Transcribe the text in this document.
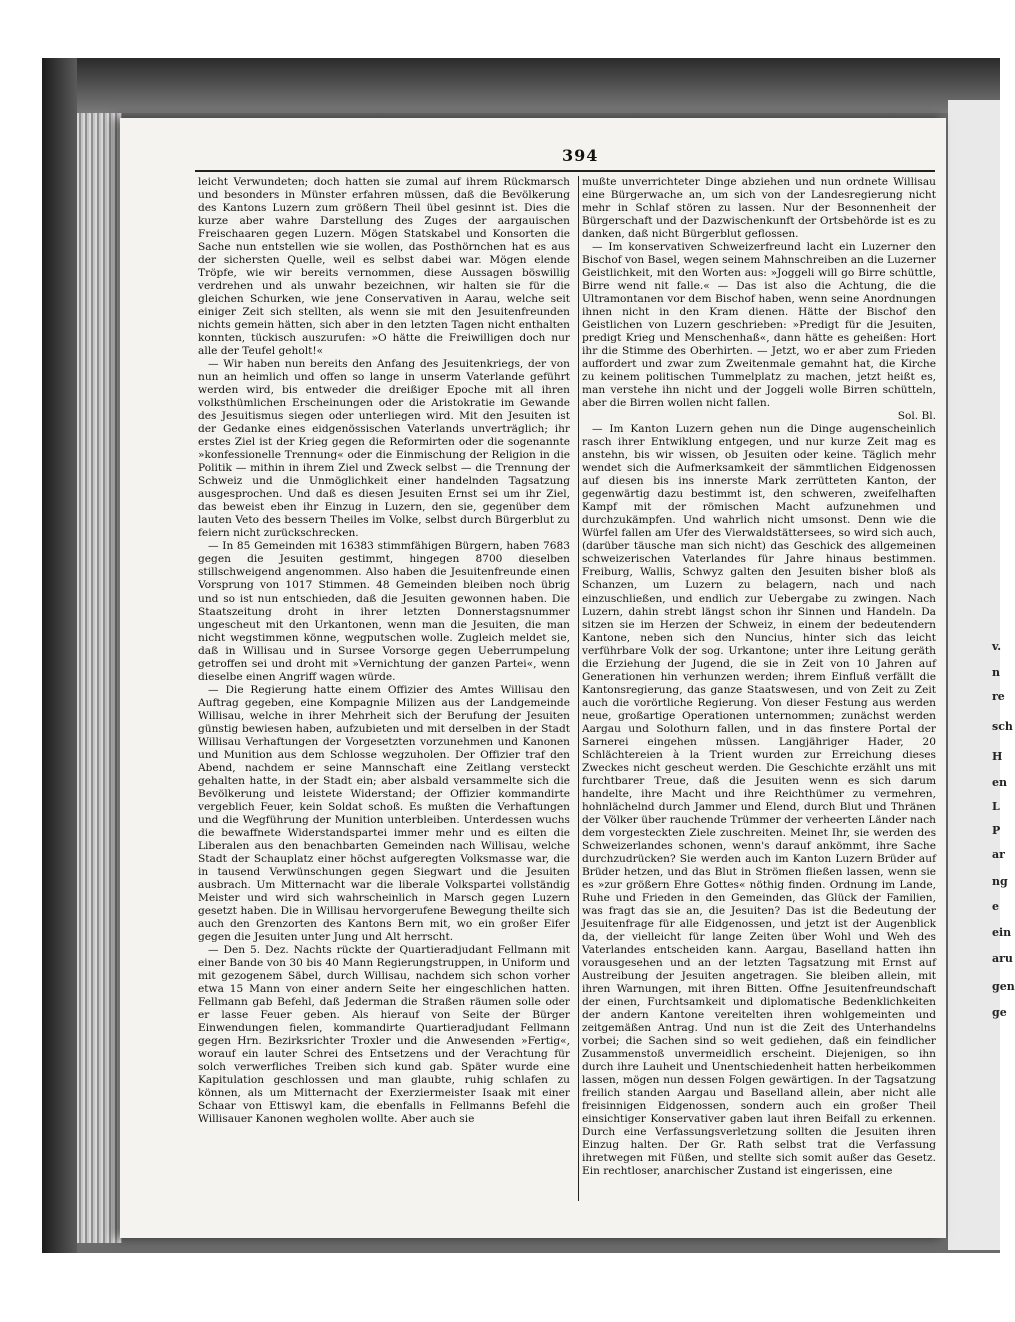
v.
n
re
sch
H
en
L
P
ar
ng
e
ein
aru
gen
ge
394

leicht Verwundeten; doch hatten sie zumal auf ihrem Rückmarsch und besonders in Münster erfahren müssen, daß die Bevölkerung des Kantons Luzern zum größern Theil übel gesinnt ist. Dies die kurze aber wahre Darstellung des Zuges der aargauischen Freischaaren gegen Luzern. Mögen Statskabel und Konsorten die Sache nun entstellen wie sie wollen, das Posthörnchen hat es aus der sichersten Quelle, weil es selbst dabei war. Mögen elende Tröpfe, wie wir bereits vernommen, diese Aussagen böswillig verdrehen und als unwahr bezeichnen, wir halten sie für die gleichen Schurken, wie jene Conservativen in Aarau, welche seit einiger Zeit sich stellten, als wenn sie mit den Jesuitenfreunden nichts gemein hätten, sich aber in den letzten Tagen nicht enthalten konnten, tückisch auszurufen: »O hätte die Freiwilligen doch nur alle der Teufel geholt!«

— Wir haben nun bereits den Anfang des Jesuitenkriegs, der von nun an heimlich und offen so lange in unserm Vaterlande geführt werden wird, bis entweder die dreißiger Epoche mit all ihren volksthümlichen Erscheinungen oder die Aristokratie im Gewande des Jesuitismus siegen oder unterliegen wird. Mit den Jesuiten ist der Gedanke eines eidgenössischen Vaterlands unverträglich; ihr erstes Ziel ist der Krieg gegen die Reformirten oder die sogenannte »konfessionelle Trennung« oder die Einmischung der Religion in die Politik — mithin in ihrem Ziel und Zweck selbst — die Trennung der Schweiz und die Unmöglichkeit einer handelnden Tagsatzung ausgesprochen. Und daß es diesen Jesuiten Ernst sei um ihr Ziel, das beweist eben ihr Einzug in Luzern, den sie, gegenüber dem lauten Veto des bessern Theiles im Volke, selbst durch Bürgerblut zu feiern nicht zurückschrecken.

— In 85 Gemeinden mit 16383 stimmfähigen Bürgern, haben 7683 gegen die Jesuiten gestimmt, hingegen 8700 dieselben stillschweigend angenommen. Also haben die Jesuitenfreunde einen Vorsprung von 1017 Stimmen. 48 Gemeinden bleiben noch übrig und so ist nun entschieden, daß die Jesuiten gewonnen haben. Die Staatszeitung droht in ihrer letzten Donnerstagsnummer ungescheut mit den Urkantonen, wenn man die Jesuiten, die man nicht wegstimmen könne, wegputschen wolle. Zugleich meldet sie, daß in Willisau und in Sursee Vorsorge gegen Ueberrumpelung getroffen sei und droht mit »Vernichtung der ganzen Partei«, wenn dieselbe einen Angriff wagen würde.

— Die Regierung hatte einem Offizier des Amtes Willisau den Auftrag gegeben, eine Kompagnie Milizen aus der Landgemeinde Willisau, welche in ihrer Mehrheit sich der Berufung der Jesuiten günstig bewiesen haben, aufzubieten und mit derselben in der Stadt Willisau Verhaftungen der Vorgesetzten vorzunehmen und Kanonen und Munition aus dem Schlosse wegzuholen. Der Offizier traf den Abend, nachdem er seine Mannschaft eine Zeitlang versteckt gehalten hatte, in der Stadt ein; aber alsbald versammelte sich die Bevölkerung und leistete Widerstand; der Offizier kommandirte vergeblich Feuer, kein Soldat schoß. Es mußten die Verhaftungen und die Wegführung der Munition unterbleiben. Unterdessen wuchs die bewaffnete Widerstandspartei immer mehr und es eilten die Liberalen aus den benachbarten Gemeinden nach Willisau, welche Stadt der Schauplatz einer höchst aufgeregten Volksmasse war, die in tausend Verwünschungen gegen Siegwart und die Jesuiten ausbrach. Um Mitternacht war die liberale Volkspartei vollständig Meister und wird sich wahrscheinlich in Marsch gegen Luzern gesetzt haben. Die in Willisau hervorgerufene Bewegung theilte sich auch den Grenzorten des Kantons Bern mit, wo ein großer Eifer gegen die Jesuiten unter Jung und Alt herrscht.

— Den 5. Dez. Nachts rückte der Quartieradjudant Fellmann mit einer Bande von 30 bis 40 Mann Regierungstruppen, in Uniform und mit gezogenem Säbel, durch Willisau, nachdem sich schon vorher etwa 15 Mann von einer andern Seite her eingeschlichen hatten. Fellmann gab Befehl, daß Jederman die Straßen räumen solle oder er lasse Feuer geben. Als hierauf von Seite der Bürger Einwendungen fielen, kommandirte Quartieradjudant Fellmann gegen Hrn. Bezirksrichter Troxler und die Anwesenden »Fertig«, worauf ein lauter Schrei des Entsetzens und der Verachtung für solch verwerfliches Treiben sich kund gab. Später wurde eine Kapitulation geschlossen und man glaubte, ruhig schlafen zu können, als um Mitternacht der Exerziermeister Isaak mit einer Schaar von Ettiswyl kam, die ebenfalls in Fellmanns Befehl die Willisauer Kanonen wegholen wollte. Aber auch sie

mußte unverrichteter Dinge abziehen und nun ordnete Willisau eine Bürgerwache an, um sich von der Landesregierung nicht mehr in Schlaf stören zu lassen. Nur der Besonnenheit der Bürgerschaft und der Dazwischenkunft der Ortsbehörde ist es zu danken, daß nicht Bürgerblut geflossen.

— Im konservativen Schweizerfreund lacht ein Luzerner den Bischof von Basel, wegen seinem Mahnschreiben an die Luzerner Geistlichkeit, mit den Worten aus: »Joggeli will go Birre schüttle, Birre wend nit falle.« — Das ist also die Achtung, die die Ultramontanen vor dem Bischof haben, wenn seine Anordnungen ihnen nicht in den Kram dienen. Hätte der Bischof den Geistlichen von Luzern geschrieben: »Predigt für die Jesuiten, predigt Krieg und Menschenhaß«, dann hätte es geheißen: Hort ihr die Stimme des Oberhirten. — Jetzt, wo er aber zum Frieden auffordert und zwar zum Zweitenmale gemahnt hat, die Kirche zu keinem politischen Tummelplatz zu machen, jetzt heißt es, man verstehe ihn nicht und der Joggeli wolle Birren schütteln, aber die Birren wollen nicht fallen.

Sol. Bl.

— Im Kanton Luzern gehen nun die Dinge augenscheinlich rasch ihrer Entwiklung entgegen, und nur kurze Zeit mag es anstehn, bis wir wissen, ob Jesuiten oder keine. Täglich mehr wendet sich die Aufmerksamkeit der sämmtlichen Eidgenossen auf diesen bis ins innerste Mark zerrütteten Kanton, der gegenwärtig dazu bestimmt ist, den schweren, zweifelhaften Kampf mit der römischen Macht aufzunehmen und durchzukämpfen. Und wahrlich nicht umsonst. Denn wie die Würfel fallen am Ufer des Vierwaldstättersees, so wird sich auch, (darüber täusche man sich nicht) das Geschick des allgemeinen schweizerischen Vaterlandes für Jahre hinaus bestimmen. Freiburg, Wallis, Schwyz galten den Jesuiten bisher bloß als Schanzen, um Luzern zu belagern, nach und nach einzuschließen, und endlich zur Uebergabe zu zwingen. Nach Luzern, dahin strebt längst schon ihr Sinnen und Handeln. Da sitzen sie im Herzen der Schweiz, in einem der bedeutendern Kantone, neben sich den Nuncius, hinter sich das leicht verführbare Volk der sog. Urkantone; unter ihre Leitung geräth die Erziehung der Jugend, die sie in Zeit von 10 Jahren auf Generationen hin verhunzen werden; ihrem Einfluß verfällt die Kantonsregierung, das ganze Staatswesen, und von Zeit zu Zeit auch die vorörtliche Regierung. Von dieser Festung aus werden neue, großartige Operationen unternommen; zunächst werden Aargau und Solothurn fallen, und in das finstere Portal der Sarnerei eingehen müssen. Langjähriger Hader, 20 Schlächtereien à la Trient wurden zur Erreichung dieses Zweckes nicht gescheut werden. Die Geschichte erzählt uns mit furchtbarer Treue, daß die Jesuiten wenn es sich darum handelte, ihre Macht und ihre Reichthümer zu vermehren, hohnlächelnd durch Jammer und Elend, durch Blut und Thränen der Völker über rauchende Trümmer der verheerten Länder nach dem vorgesteckten Ziele zuschreiten. Meinet Ihr, sie werden des Schweizerlandes schonen, wenn's darauf ankömmt, ihre Sache durchzudrücken? Sie werden auch im Kanton Luzern Brüder auf Brüder hetzen, und das Blut in Strömen fließen lassen, wenn sie es »zur größern Ehre Gottes« nöthig finden. Ordnung im Lande, Ruhe und Frieden in den Gemeinden, das Glück der Familien, was fragt das sie an, die Jesuiten? Das ist die Bedeutung der Jesuitenfrage für alle Eidgenossen, und jetzt ist der Augenblick da, der vielleicht für lange Zeiten über Wohl und Weh des Vaterlandes entscheiden kann. Aargau, Baselland hatten ihn vorausgesehen und an der letzten Tagsatzung mit Ernst auf Austreibung der Jesuiten angetragen. Sie bleiben allein, mit ihren Warnungen, mit ihren Bitten. Offne Jesuitenfreundschaft der einen, Furchtsamkeit und diplomatische Bedenklichkeiten der andern Kantone vereitelten ihren wohlgemeinten und zeitgemäßen Antrag. Und nun ist die Zeit des Unterhandelns vorbei; die Sachen sind so weit gediehen, daß ein feindlicher Zusammenstoß unvermeidlich erscheint. Diejenigen, so ihn durch ihre Lauheit und Unentschiedenheit hatten herbeikommen lassen, mögen nun dessen Folgen gewärtigen. In der Tagsatzung freilich standen Aargau und Baselland allein, aber nicht alle freisinnigen Eidgenossen, sondern auch ein großer Theil einsichtiger Konservativer gaben laut ihren Beifall zu erkennen. Durch eine Verfassungsverletzung sollten die Jesuiten ihren Einzug halten. Der Gr. Rath selbst trat die Verfassung ihretwegen mit Füßen, und stellte sich somit außer das Gesetz. Ein rechtloser, anarchischer Zustand ist eingerissen, eine
